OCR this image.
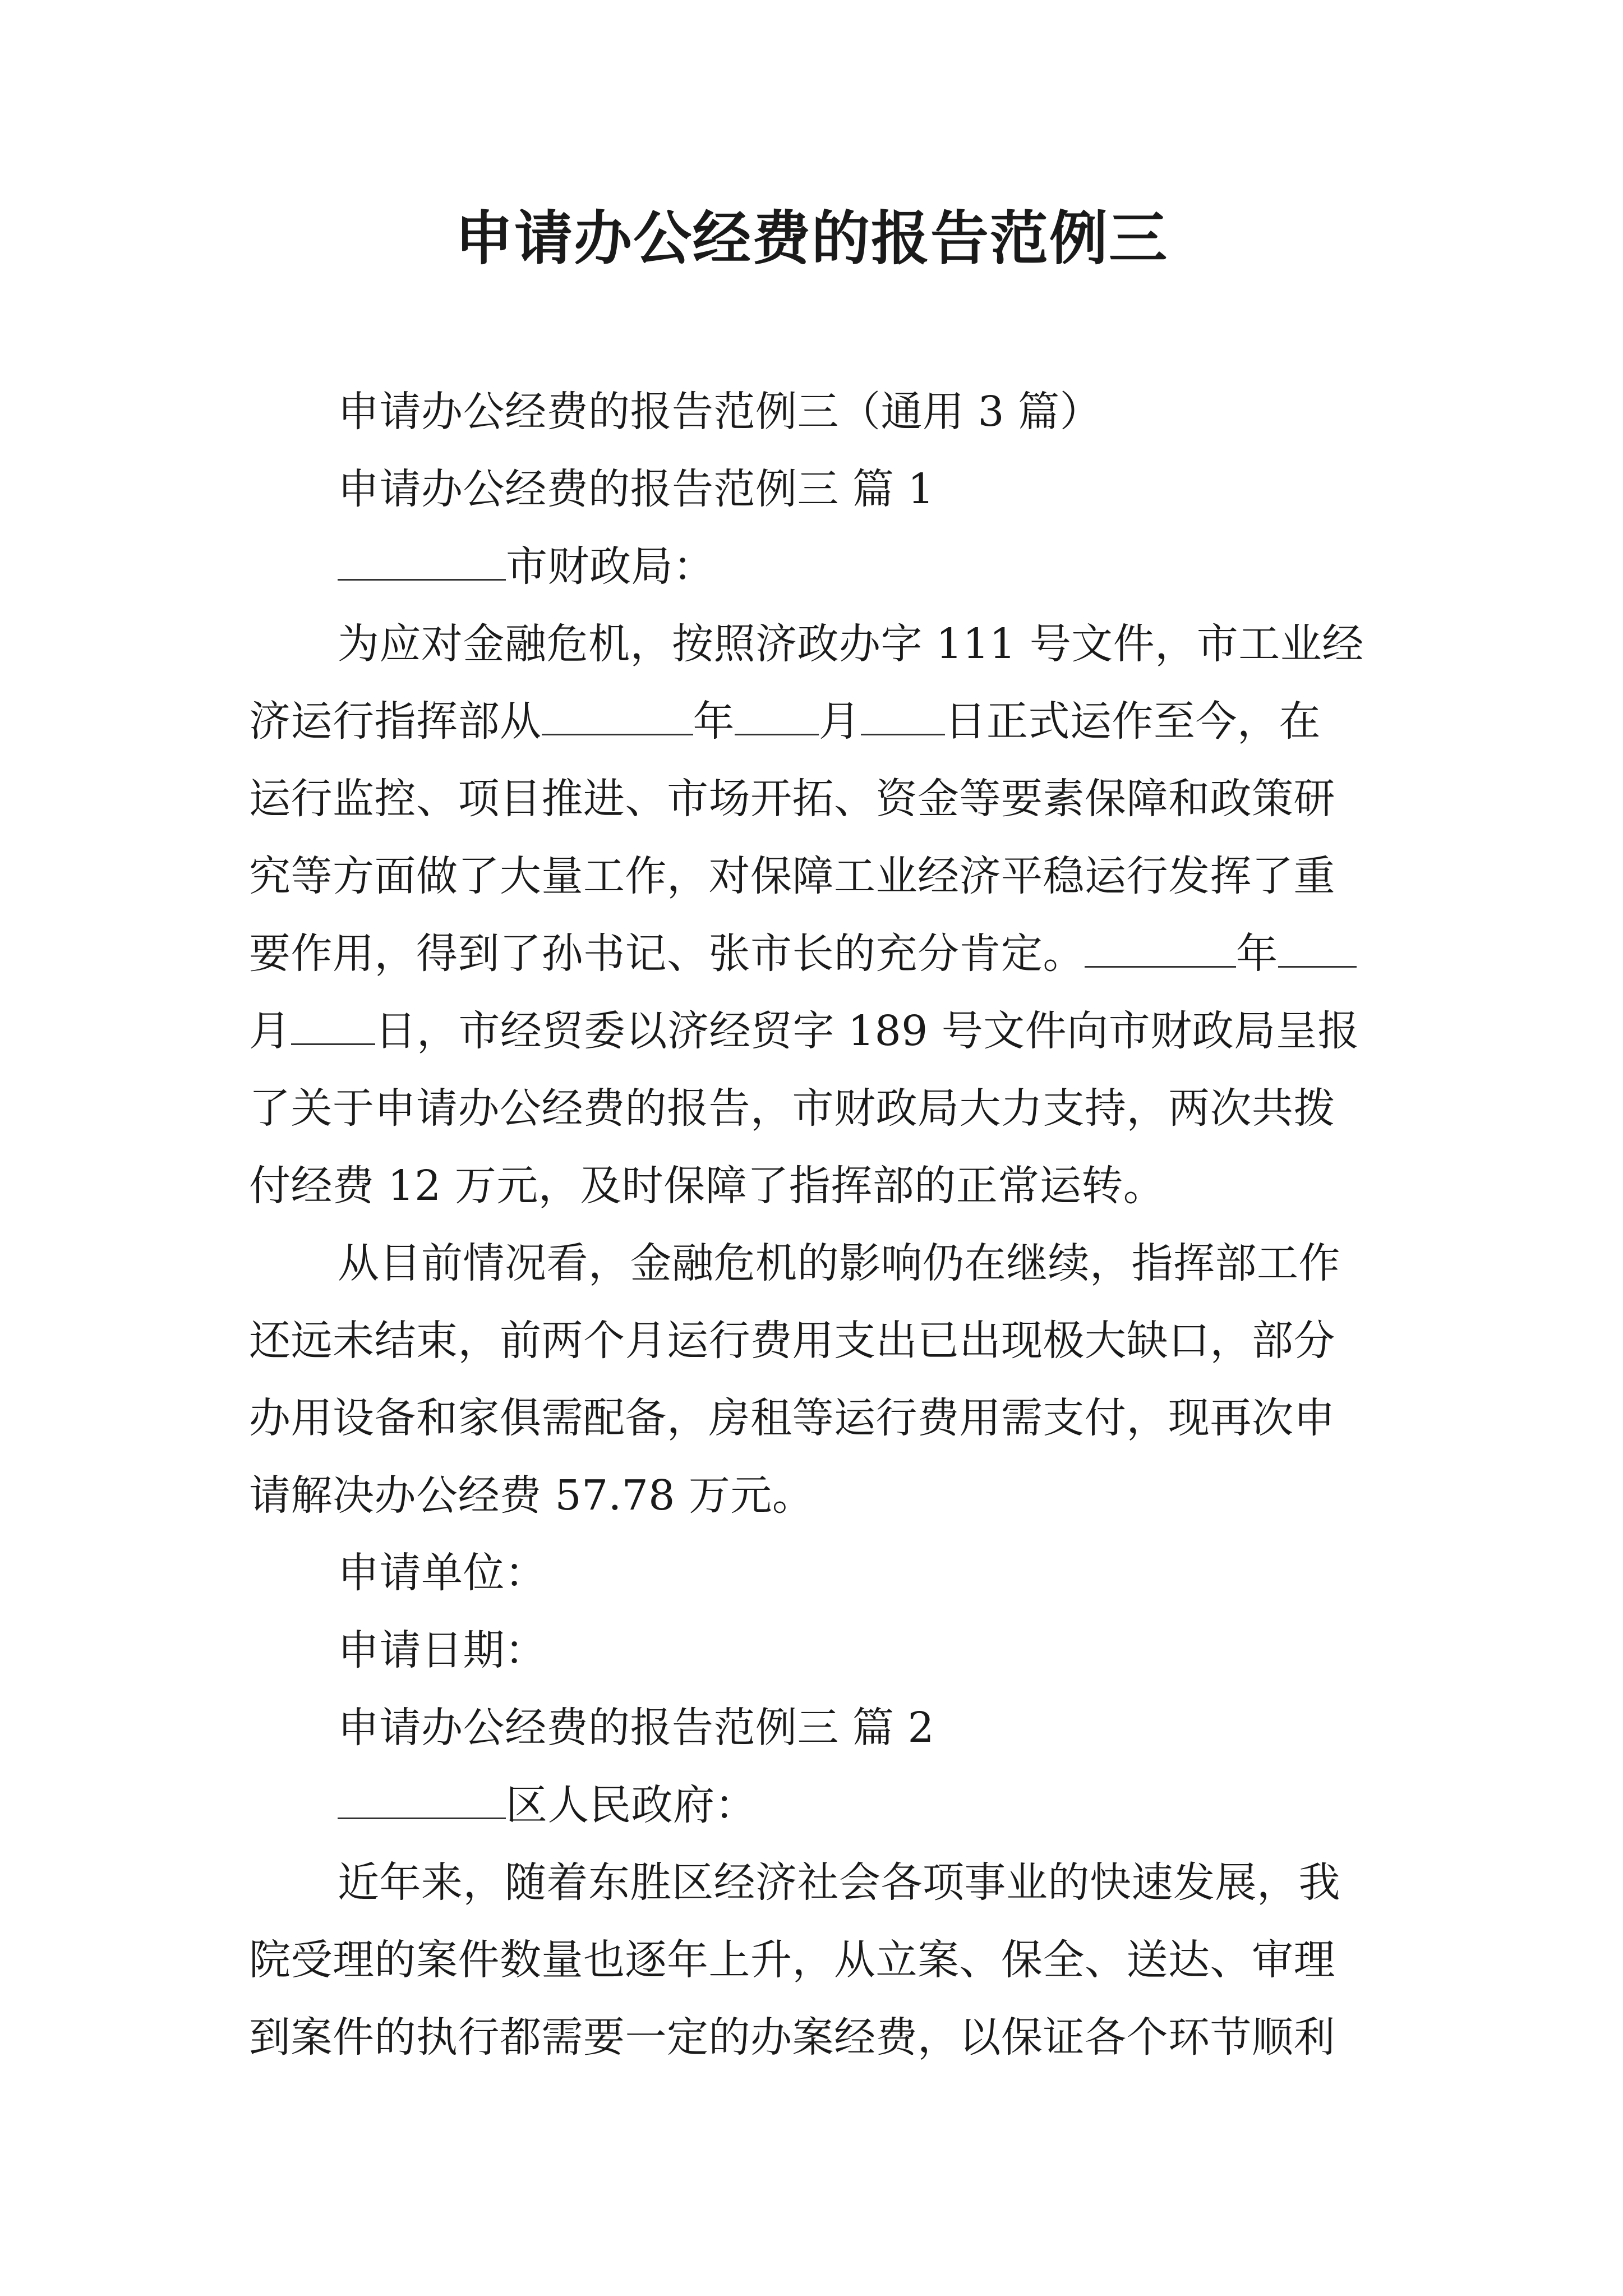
申请办公经费的报告范例三
申请办公经费的报告范例三（通用 3 篇）
申请办公经费的报告范例三 篇 1
市财政局：
为应对金融危机，按照济政办字 111 号文件，市工业经
济运行指挥部从	年 月 日正式运作至今，在
运行监控、项目推进、市场开拓、资金等要素保障和政策研
究等方面做了大量工作，对保障工业经济平稳运行发挥了重
要作用，得到了孙书记、张市长的充分肯定。	年
月 日，市经贸委以济经贸字 189 号文件向市财政局呈报
了关于申请办公经费的报告，市财政局大力支持，两次共拨
付经费 12 万元，及时保障了指挥部的正常运转。
从目前情况看，金融危机的影响仍在继续，指挥部工作
还远未结束，前两个月运行费用支出已出现极大缺口，部分
办用设备和家俱需配备，房租等运行费用需支付，现再次申
请解决办公经费 57.78 万元。
申请单位：
申请日期：
申请办公经费的报告范例三 篇 2
区人民政府：
近年来，随着东胜区经济社会各项事业的快速发展，我
院受理的案件数量也逐年上升，从立案、保全、送达、审理
到案件的执行都需要一定的办案经费，以保证各个环节顺利
